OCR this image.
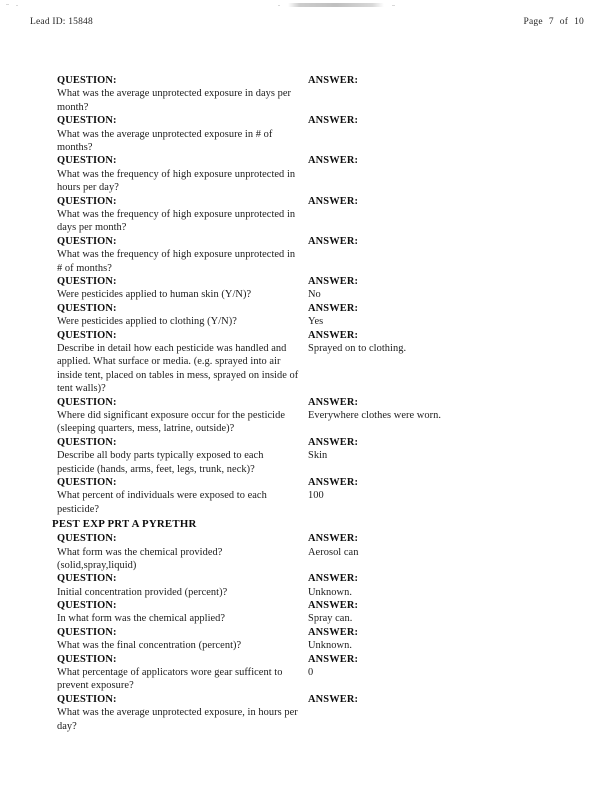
Lead ID: 15848	Page 7 of 10
QUESTION:
What was the average unprotected exposure in days per month?
ANSWER:
QUESTION:
What was the average unprotected exposure in # of months?
ANSWER:
QUESTION:
What was the frequency of high exposure unprotected in hours per day?
ANSWER:
QUESTION:
What was the frequency of high exposure unprotected in days per month?
ANSWER:
QUESTION:
What was the frequency of high exposure unprotected in # of months?
ANSWER:
QUESTION:
Were pesticides applied to human skin (Y/N)?
ANSWER:
No
QUESTION:
Were pesticides applied to clothing (Y/N)?
ANSWER:
Yes
QUESTION:
Describe in detail how each pesticide was handled and applied. What surface or media. (e.g. sprayed into air inside tent, placed on tables in mess, sprayed on inside of tent walls)?
ANSWER:
Sprayed on to clothing.
QUESTION:
Where did significant exposure occur for the pesticide (sleeping quarters, mess, latrine, outside)?
ANSWER:
Everywhere clothes were worn.
QUESTION:
Describe all body parts typically exposed to each pesticide (hands, arms, feet, legs, trunk, neck)?
ANSWER:
Skin
QUESTION:
What percent of individuals were exposed to each pesticide?
ANSWER:
100
PEST EXP PRT A PYRETHR
QUESTION:
What form was the chemical provided?(solid,spray,liquid)
ANSWER:
Aerosol can
QUESTION:
Initial concentration provided (percent)?
ANSWER:
Unknown.
QUESTION:
In what form was the chemical applied?
ANSWER:
Spray can.
QUESTION:
What was the final concentration (percent)?
ANSWER:
Unknown.
QUESTION:
What percentage of applicators wore gear sufficent to prevent exposure?
ANSWER:
0
QUESTION:
What was the average unprotected exposure, in hours per day?
ANSWER:
